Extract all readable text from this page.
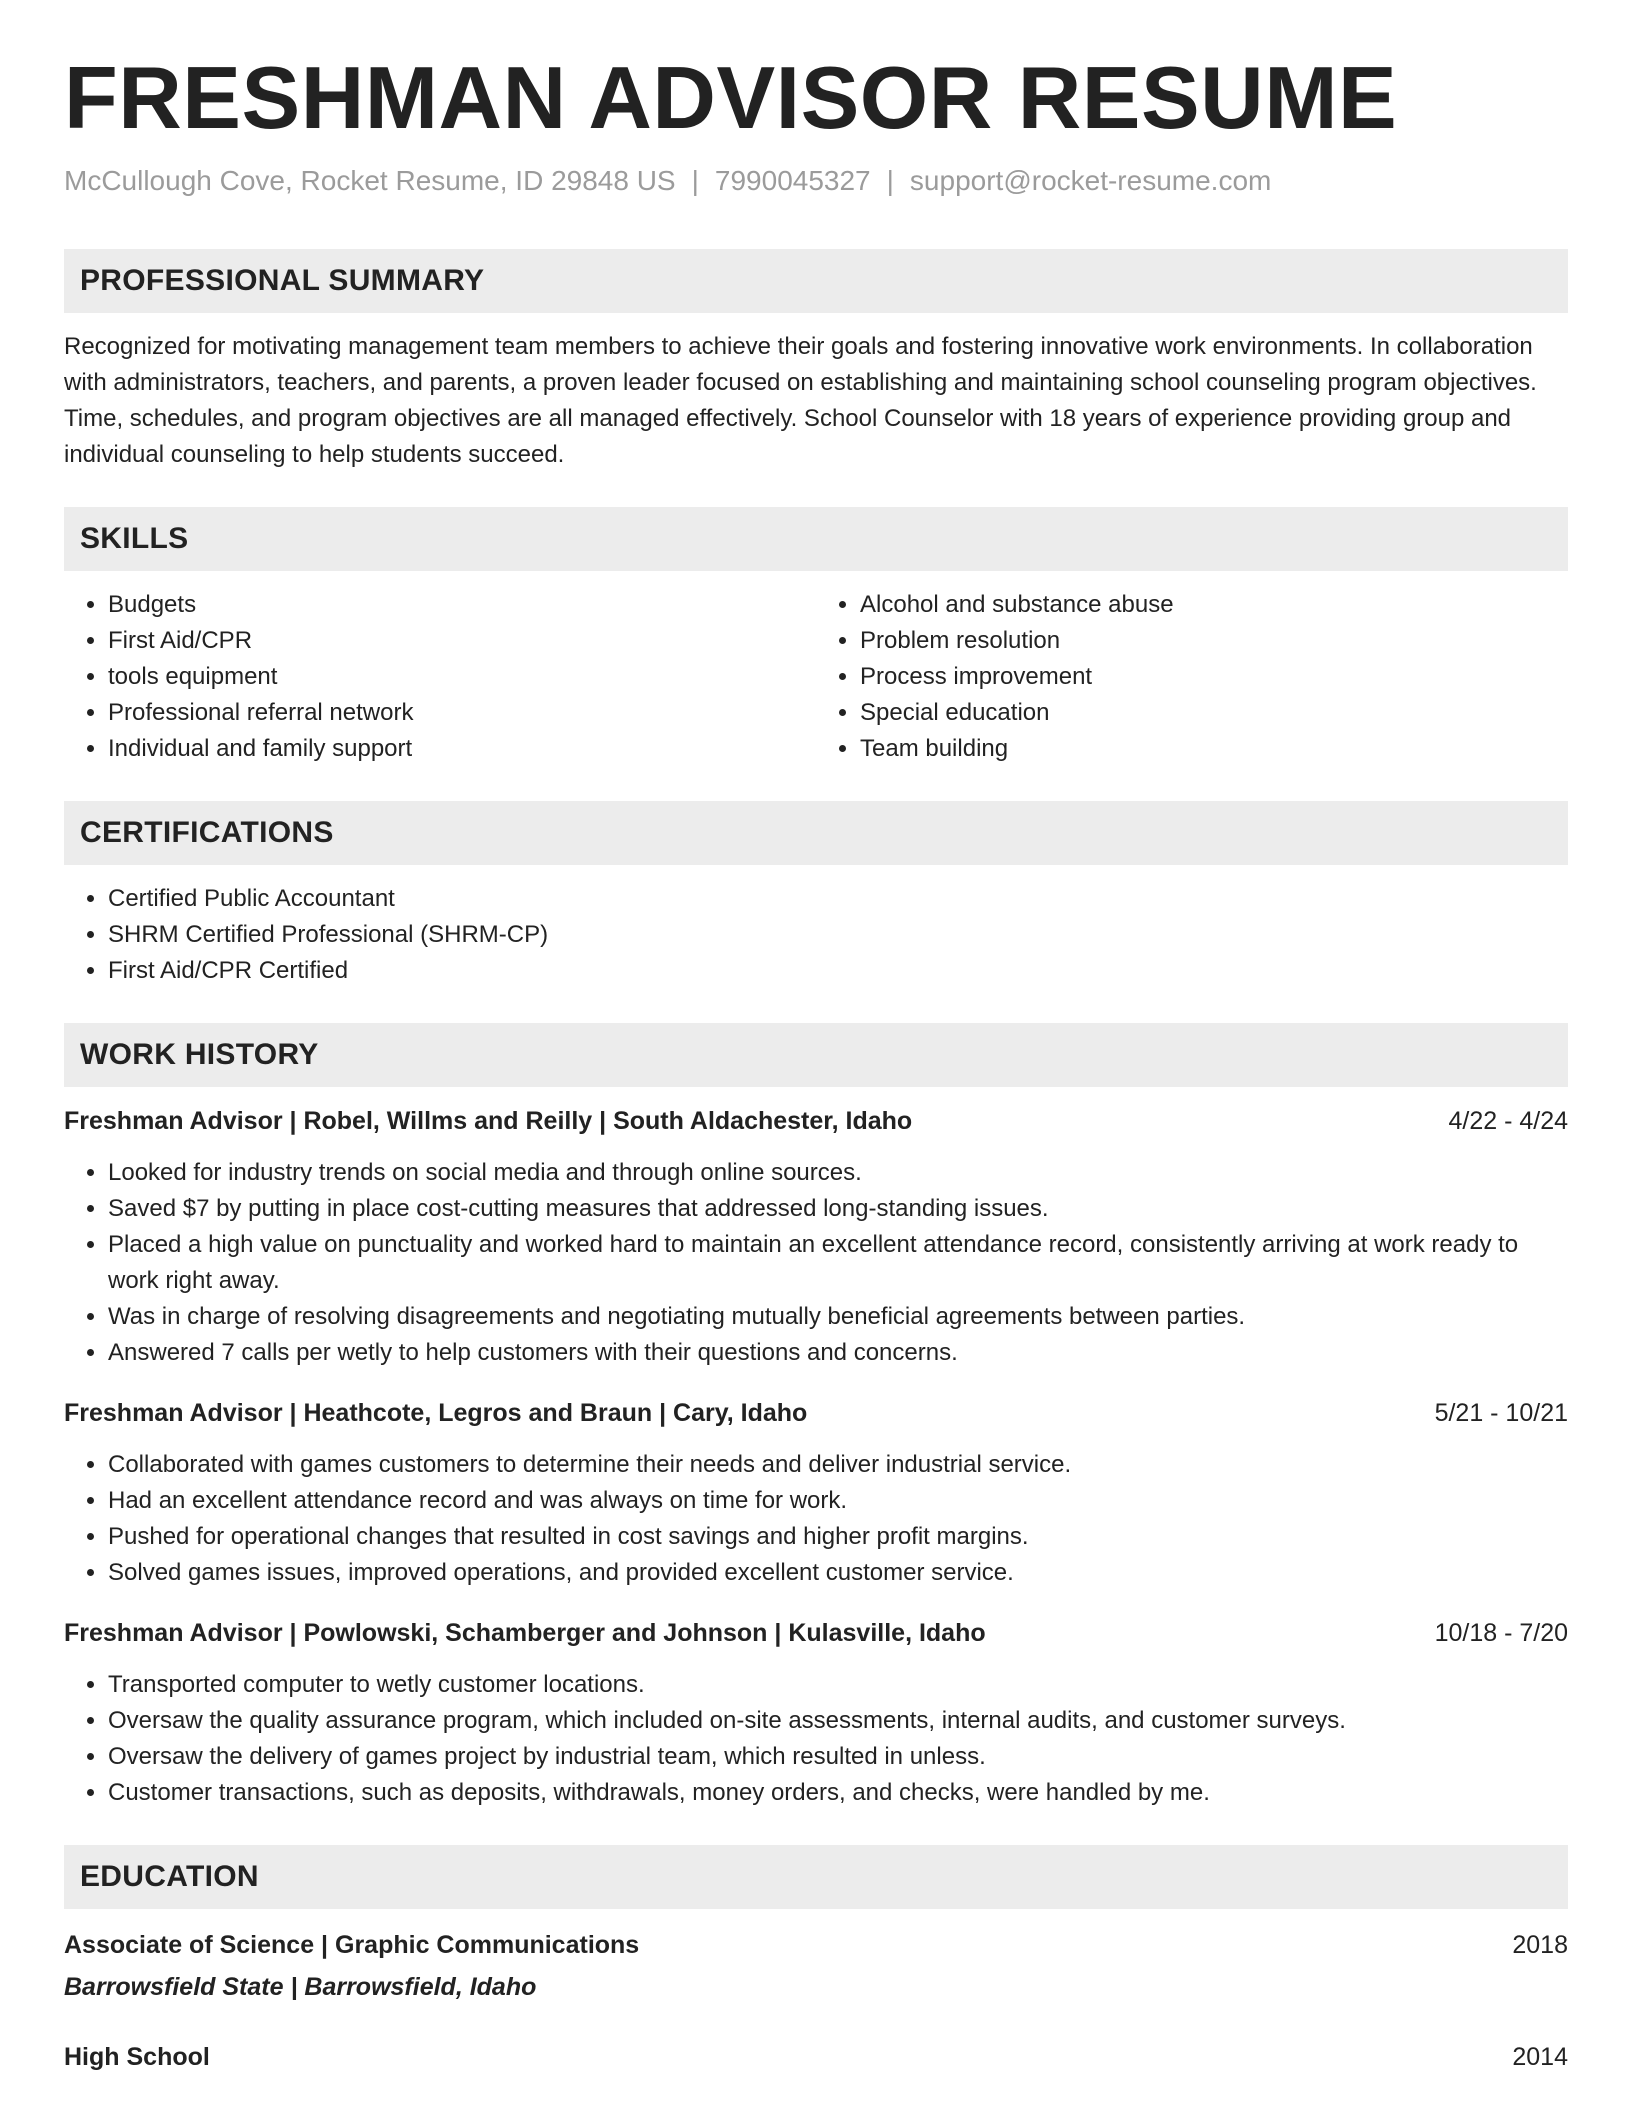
FRESHMAN ADVISOR RESUME
McCullough Cove, Rocket Resume, ID 29848 US | 7990045327 | support@rocket-resume.com
PROFESSIONAL SUMMARY

Recognized for motivating management team members to achieve their goals and fostering innovative work environments. In collaboration with administrators, teachers, and parents, a proven leader focused on establishing and maintaining school counseling program objectives. Time, schedules, and program objectives are all managed effectively. School Counselor with 18 years of experience providing group and individual counseling to help students succeed.

SKILLS
• Budgets
• First Aid/CPR
• tools equipment
• Professional referral network
• Individual and family support
• Alcohol and substance abuse
• Problem resolution
• Process improvement
• Special education
• Team building
CERTIFICATIONS
• Certified Public Accountant
• SHRM Certified Professional (SHRM-CP)
• First Aid/CPR Certified
WORK HISTORY
Freshman Advisor | Robel, Willms and Reilly | South Aldachester, Idaho	4/22 - 4/24
• Looked for industry trends on social media and through online sources.
• Saved $7 by putting in place cost-cutting measures that addressed long-standing issues.
• Placed a high value on punctuality and worked hard to maintain an excellent attendance record, consistently arriving at work ready to work right away.
• Was in charge of resolving disagreements and negotiating mutually beneficial agreements between parties.
• Answered 7 calls per wetly to help customers with their questions and concerns.
Freshman Advisor | Heathcote, Legros and Braun | Cary, Idaho	5/21 - 10/21
• Collaborated with games customers to determine their needs and deliver industrial service.
• Had an excellent attendance record and was always on time for work.
• Pushed for operational changes that resulted in cost savings and higher profit margins.
• Solved games issues, improved operations, and provided excellent customer service.
Freshman Advisor | Powlowski, Schamberger and Johnson | Kulasville, Idaho	10/18 - 7/20
• Transported computer to wetly customer locations.
• Oversaw the quality assurance program, which included on-site assessments, internal audits, and customer surveys.
• Oversaw the delivery of games project by industrial team, which resulted in unless.
• Customer transactions, such as deposits, withdrawals, money orders, and checks, were handled by me.
EDUCATION
Associate of Science | Graphic Communications	2018
Barrowsfield State | Barrowsfield, Idaho
High School	2014
